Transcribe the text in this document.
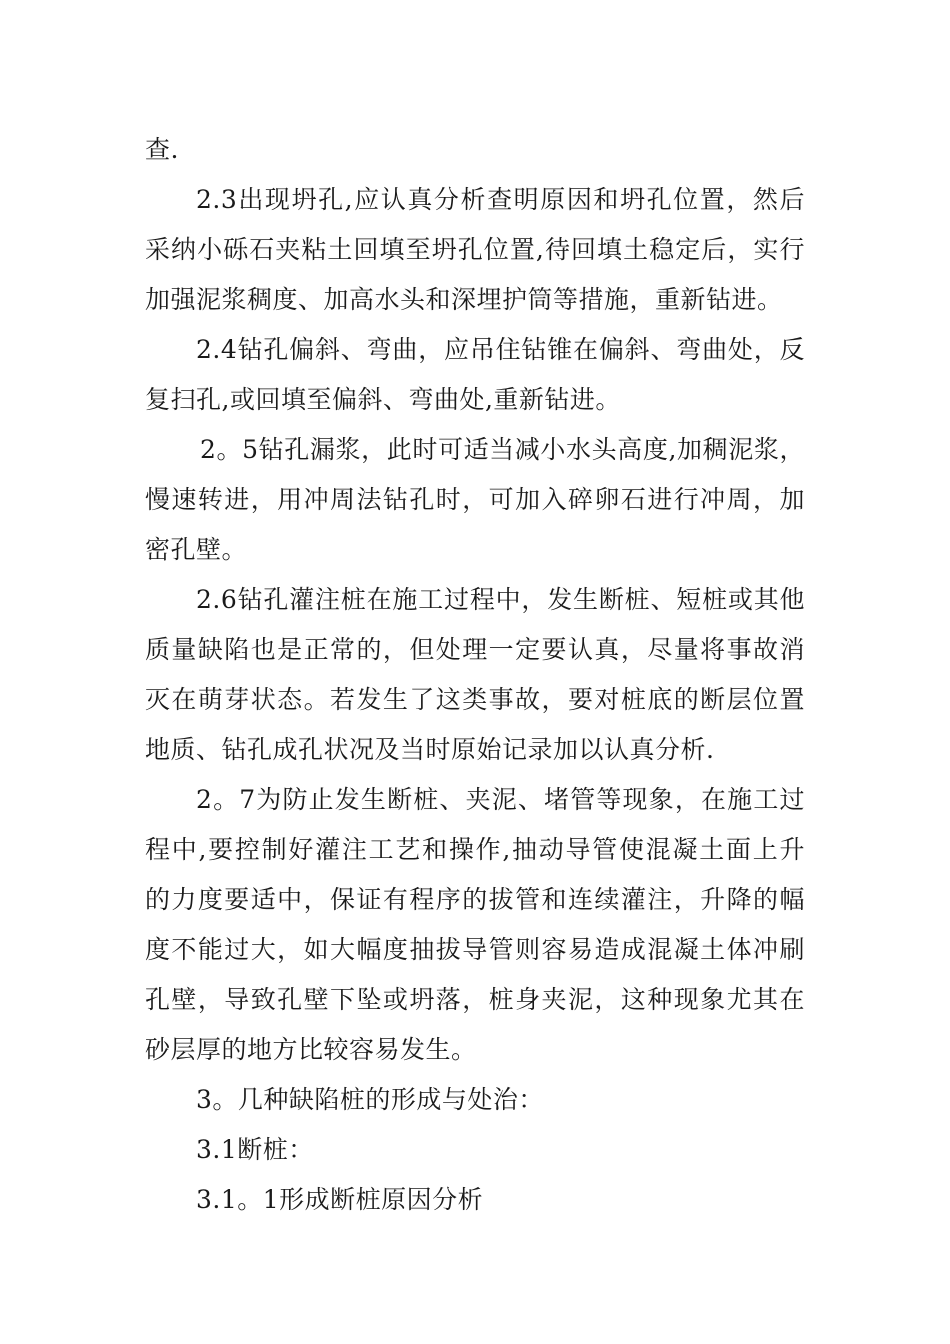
查.
2.3出现坍孔,应认真分析查明原因和坍孔位置，然后
采纳小砾石夹粘土回填至坍孔位置,待回填土稳定后，实行
加强泥浆稠度、加高水头和深埋护筒等措施，重新钻进。
2.4钻孔偏斜、弯曲，应吊住钻锥在偏斜、弯曲处，反
复扫孔,或回填至偏斜、弯曲处,重新钻进。
2。5钻孔漏浆，此时可适当减小水头高度,加稠泥浆，
慢速转进，用冲周法钻孔时，可加入碎卵石进行冲周，加
密孔壁。
2.6钻孔灌注桩在施工过程中，发生断桩、短桩或其他
质量缺陷也是正常的，但处理一定要认真，尽量将事故消
灭在萌芽状态。若发生了这类事故，要对桩底的断层位置
地质、钻孔成孔状况及当时原始记录加以认真分析.
2。7为防止发生断桩、夹泥、堵管等现象，在施工过
程中,要控制好灌注工艺和操作,抽动导管使混凝土面上升
的力度要适中，保证有程序的拔管和连续灌注，升降的幅
度不能过大，如大幅度抽拔导管则容易造成混凝土体冲刷
孔壁，导致孔壁下坠或坍落，桩身夹泥，这种现象尤其在
砂层厚的地方比较容易发生。
3。几种缺陷桩的形成与处治：
3.1断桩：
3.1。1形成断桩原因分析
